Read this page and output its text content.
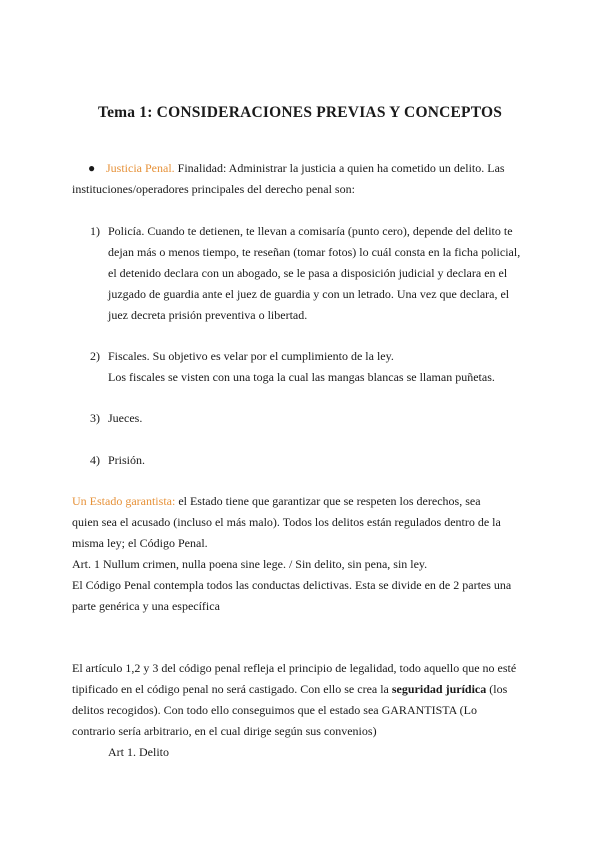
Tema 1: CONSIDERACIONES PREVIAS Y CONCEPTOS
● Justicia Penal. Finalidad: Administrar la justicia a quien ha cometido un delito. Las
instituciones/operadores principales del derecho penal son:
1) Policía. Cuando te detienen, te llevan a comisaría (punto cero), depende del delito te
dejan más o menos tiempo, te reseñan (tomar fotos) lo cuál consta en la ficha policial,
el detenido declara con un abogado, se le pasa a disposición judicial y declara en el
juzgado de guardia ante el juez de guardia y con un letrado. Una vez que declara, el
juez decreta prisión preventiva o libertad.
2) Fiscales. Su objetivo es velar por el cumplimiento de la ley.
Los fiscales se visten con una toga la cual las mangas blancas se llaman puñetas.
3) Jueces.
4) Prisión.
Un Estado garantista: el Estado tiene que garantizar que se respeten los derechos, sea
quien sea el acusado (incluso el más malo). Todos los delitos están regulados dentro de la
misma ley; el Código Penal.
Art. 1 Nullum crimen, nulla poena sine lege. / Sin delito, sin pena, sin ley.
El Código Penal contempla todos las conductas delictivas. Esta se divide en de 2 partes una
parte genérica y una específica
El artículo 1,2 y 3 del código penal refleja el principio de legalidad, todo aquello que no esté
tipificado en el código penal no será castigado. Con ello se crea la seguridad jurídica (los
delitos recogidos). Con todo ello conseguimos que el estado sea GARANTISTA (Lo
contrario sería arbitrario, en el cual dirige según sus convenios)
Art 1. Delito
